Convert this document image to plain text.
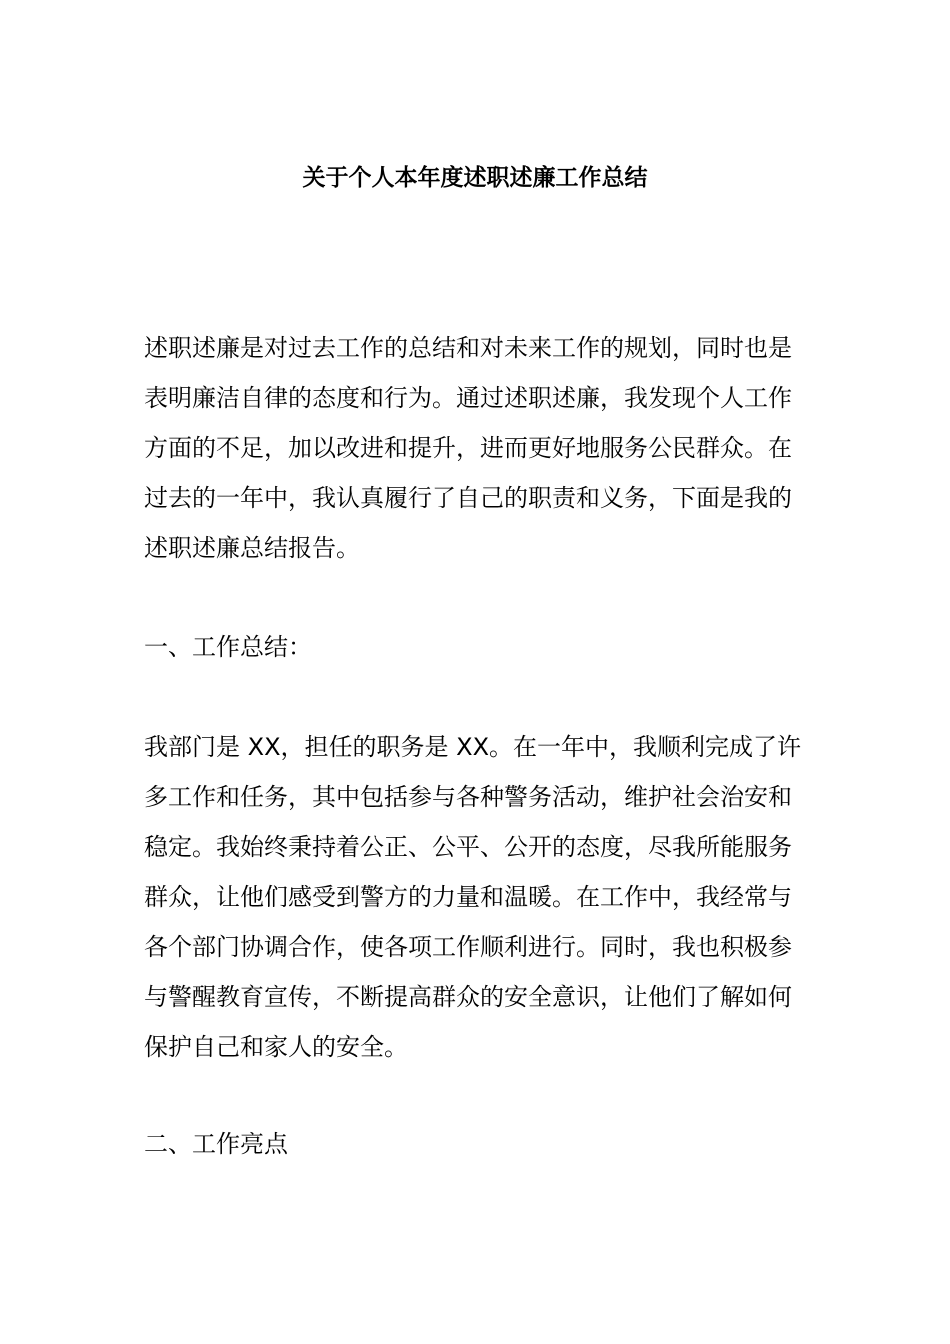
关于个人本年度述职述廉工作总结
述职述廉是对过去工作的总结和对未来工作的规划，同时也是
表明廉洁自律的态度和行为。通过述职述廉，我发现个人工作
方面的不足，加以改进和提升，进而更好地服务公民群众。在
过去的一年中，我认真履行了自己的职责和义务，下面是我的
述职述廉总结报告。
一、工作总结：
我部门是 XX，担任的职务是 XX。在一年中，我顺利完成了许
多工作和任务，其中包括参与各种警务活动，维护社会治安和
稳定。我始终秉持着公正、公平、公开的态度，尽我所能服务
群众，让他们感受到警方的力量和温暖。在工作中，我经常与
各个部门协调合作，使各项工作顺利进行。同时，我也积极参
与警醒教育宣传，不断提高群众的安全意识，让他们了解如何
保护自己和家人的安全。
二、工作亮点
